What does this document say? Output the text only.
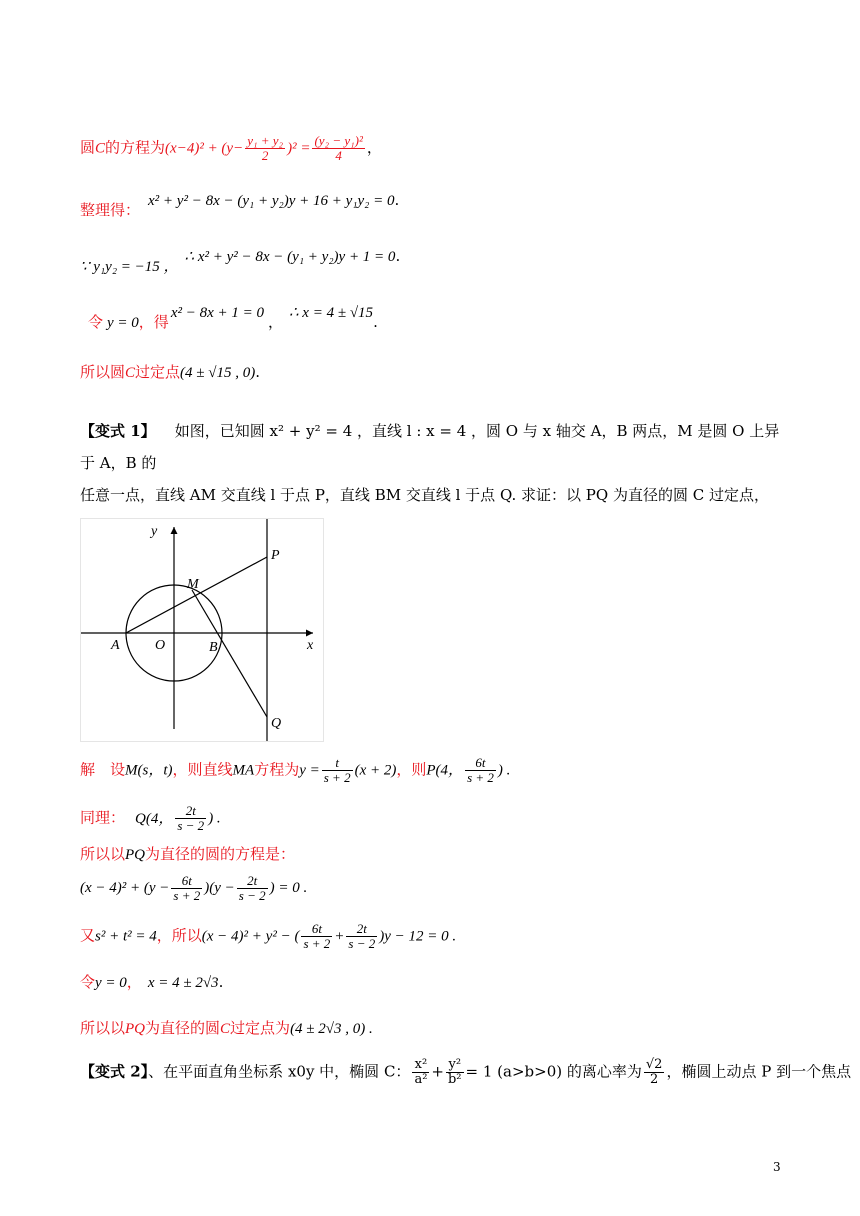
圆C的方程为$(x-4)^2 + (y- \frac{\text{y₁ + y₂}}{2} )^2 = \frac{\text{(y₂ − y₁)²}}{4}$ ，
整理得： x² + y² − 8x − (y₁ + y₂)y + 16 + y₁y₂ = 0.
∵ y₁y₂ = −15 ，∴ x² + y² − 8x − (y₁ + y₂)y + 1 = 0.
令 y = 0，得 x² − 8x + 1 = 0 ， ∴ x = 4 ± √15.
所以圆C过定点(4 ± √15 , 0).
【变式 1】 如图，已知圆 x² + y² = 4 ，直线 l : x = 4 ，圆 O 与 x 轴交 A，B 两点，M 是圆 O 上异于 A，B 的
任意一点，直线 AM 交直线 l 于点 P，直线 BM 交直线 l 于点 Q. 求证：以 PQ 为直径的圆 C 过定点，
y
x
A	O	B
M
P
Q
解　设M(s，t)，则直线MA方程为$y = \frac{t}{s + 2} (x + 2)$，则P(4， $\frac{6t}{s + 2}$ ) .
同理： Q(4， $\frac{2t}{s - 2}$ ) .
所以以PQ为直径的圆的方程是：
$(x - 4)^2 + (y - \frac{6t}{s + 2} )(y - \frac{2t}{s - 2}$ ) = 0 .
又s² + t² = 4，所以(x − 4)² + y² − ( $\frac{6t}{s + 2} + \frac{2t}{s - 2} )y - 12 = 0$ .
令y = 0， x = 4 ± 2√3.
所以以PQ为直径的圆C过定点为(4 ± 2√3 , 0) .
【变式 2】、在平面直角坐标系 x0y 中，椭圆 C： $\frac{\text{x²}}{\text{a²}} + \frac{\text{y²}}{\text{b²}} = 1$ (a>b>0) 的离心率为 $\frac{√2}{2}$ ，椭圆上动点 P 到一个焦点
3
